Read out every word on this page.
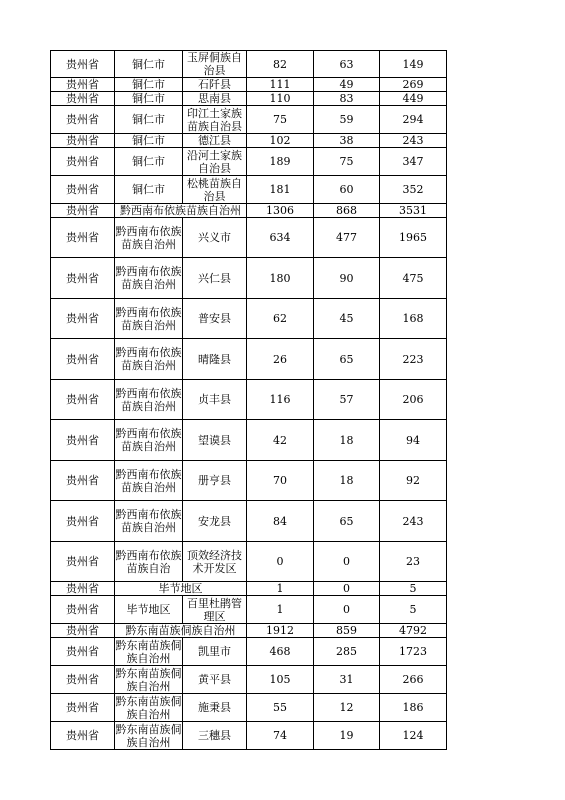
贵州省	铜仁市	玉屏侗族自治县	82	63	149
贵州省	铜仁市	石阡县	111	49	269
贵州省	铜仁市	思南县	110	83	449
贵州省	铜仁市	印江土家族苗族自治县	75	59	294
贵州省	铜仁市	德江县	102	38	243
贵州省	铜仁市	沿河土家族自治县	189	75	347
贵州省	铜仁市	松桃苗族自治县	181	60	352
贵州省	黔西南布依族苗族自治州		1306	868	3531
贵州省	黔西南布依族苗族自治州	兴义市	634	477	1965
贵州省	黔西南布依族苗族自治州	兴仁县	180	90	475
贵州省	黔西南布依族苗族自治州	普安县	62	45	168
贵州省	黔西南布依族苗族自治州	晴隆县	26	65	223
贵州省	黔西南布依族苗族自治州	贞丰县	116	57	206
贵州省	黔西南布依族苗族自治州	望谟县	42	18	94
贵州省	黔西南布依族苗族自治州	册亨县	70	18	92
贵州省	黔西南布依族苗族自治州	安龙县	84	65	243
贵州省	黔西南布依族苗族自治	顶效经济技术开发区	0	0	23
贵州省	毕节地区		1	0	5
贵州省	毕节地区	百里杜鹃管理区	1	0	5
贵州省	黔东南苗族侗族自治州		1912	859	4792
贵州省	黔东南苗族侗族自治州	凯里市	468	285	1723
贵州省	黔东南苗族侗族自治州	黄平县	105	31	266
贵州省	黔东南苗族侗族自治州	施秉县	55	12	186
贵州省	黔东南苗族侗族自治州	三穗县	74	19	124
